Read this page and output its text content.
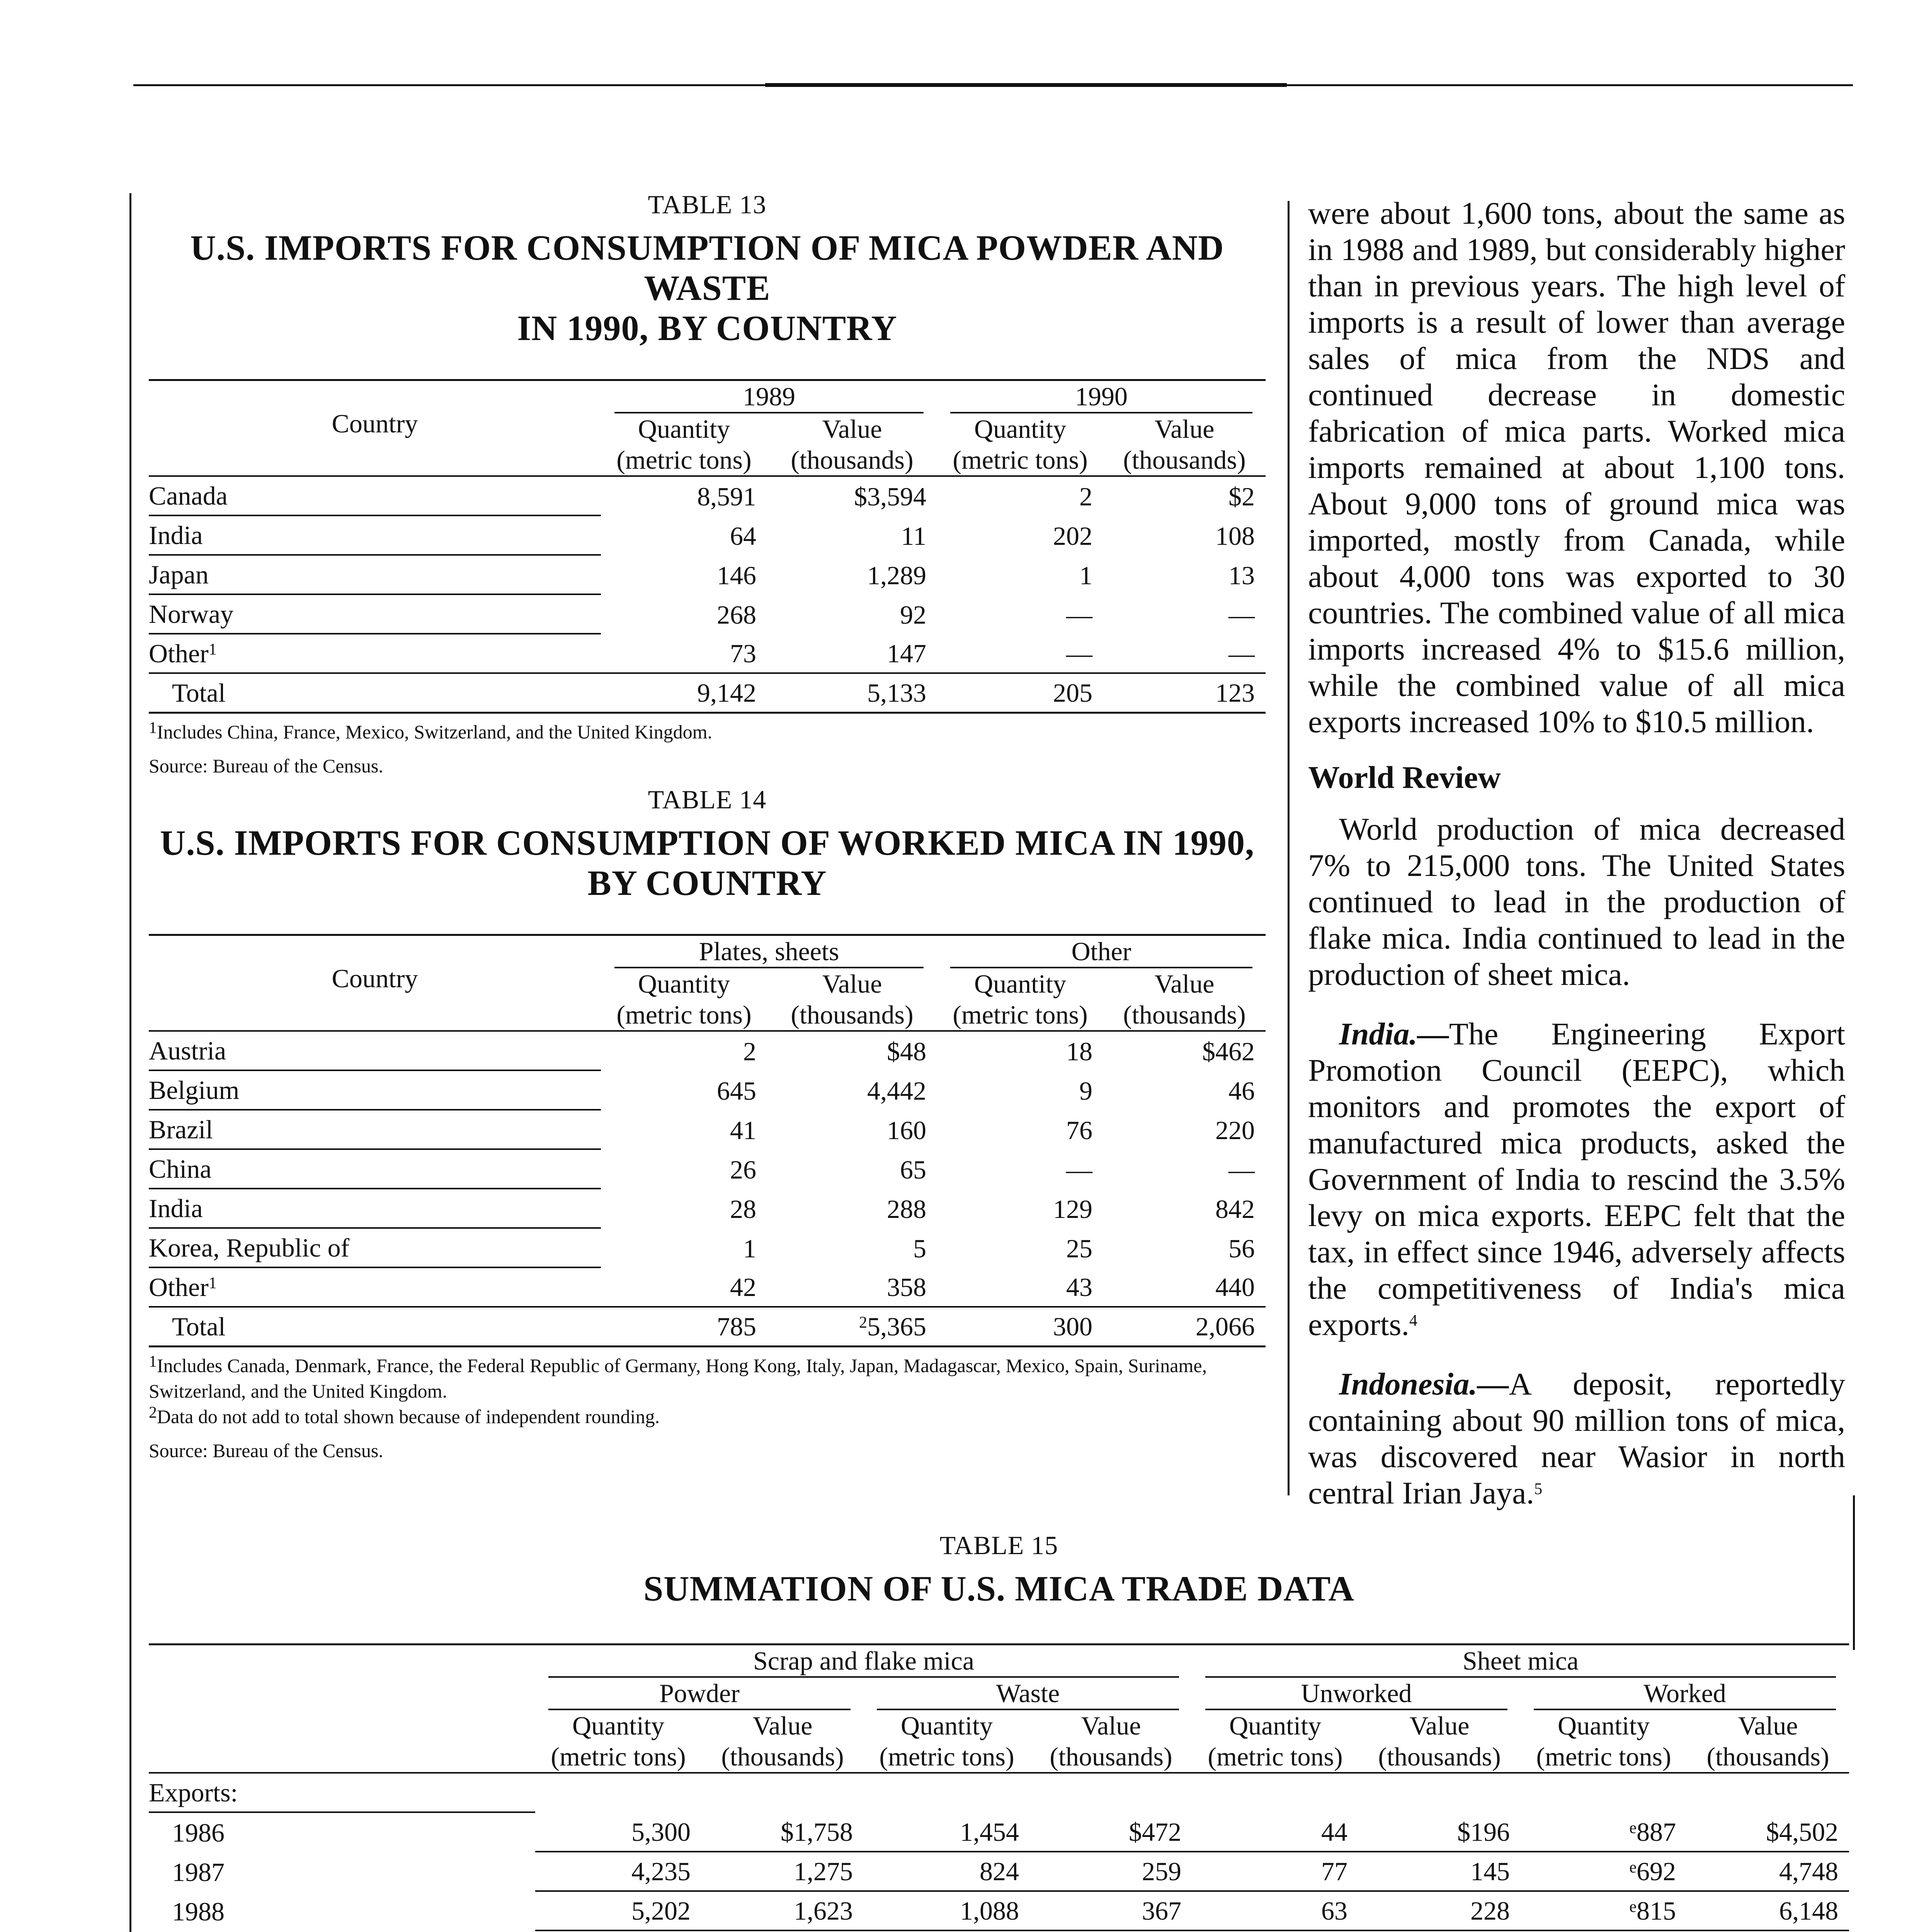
TABLE 13
U.S. IMPORTS FOR CONSUMPTION OF MICA POWDER AND WASTE
IN 1990, BY COUNTRY
Country	1989		1990	
	Quantity	Value	Quantity	Value
	(metric tons)	(thousands)	(metric tons)	(thousands)

Canada	8,591	$3,594	2	$2
India	64	11	202	108
Japan	146	1,289	1	13
Norway	268	92	—	—
Other$^1$	73	147	—	—
Total	9,142	5,133	205	123

$^1$Includes China, France, Mexico, Switzerland, and the United Kingdom.

Source: Bureau of the Census.

TABLE 14
U.S. IMPORTS FOR CONSUMPTION OF WORKED MICA IN 1990,
BY COUNTRY
Country	Plates, sheets		Other	
	Quantity	Value	Quantity	Value
	(metric tons)	(thousands)	(metric tons)	(thousands)

Austria	2	$48	18	$462
Belgium	645	4,442	9	46
Brazil	41	160	76	220
China	26	65	—	—
India	28	288	129	842
Korea, Republic of	1	5	25	56
Other$^1$	42	358	43	440
Total	785	$^2$5,365	300	2,066

$^1$Includes Canada, Denmark, France, the Federal Republic of Germany, Hong Kong, Italy, Japan, Madagascar, Mexico, Spain, Suriname,

Switzerland, and the United Kingdom.

$^2$Data do not add to total shown because of independent rounding.

Source: Bureau of the Census.

were about 1,600 tons, about the same as in 1988 and 1989, but considerably higher than in previous years. The high level of imports is a result of lower than average sales of mica from the NDS and continued decrease in domestic fabrication of mica parts. Worked mica imports remained at about 1,100 tons. About 9,000 tons of ground mica was imported, mostly from Canada, while about 4,000 tons was exported to 30 countries. The combined value of all mica imports increased 4% to $15.6 million, while the combined value of all mica exports increased 10% to $10.5 million.

World Review

World production of mica decreased 7% to 215,000 tons. The United States continued to lead in the production of flake mica. India continued to lead in the production of sheet mica.

India.—The Engineering Export Promotion Council (EEPC), which monitors and promotes the export of manufactured mica products, asked the Government of India to rescind the 3.5% levy on mica exports. EEPC felt that the tax, in effect since 1946, adversely affects the competitiveness of India's mica exports.$^4$

Indonesia.—A deposit, reportedly containing about 90 million tons of mica, was discovered near Wasior in north central Irian Jaya.$^5$

TABLE 15
SUMMATION OF U.S. MICA TRADE DATA
	Scrap and flake mica				Sheet mica			
	Powder		Waste		Unworked		Worked	
	Quantity	Value	Quantity	Value	Quantity	Value	Quantity	Value
	(metric tons)	(thousands)	(metric tons)	(thousands)	(metric tons)	(thousands)	(metric tons)	(thousands)

Exports:								
1986	5,300	$1,758	1,454	$472	44	$196	$^e$887	$4,502
1987	4,235	1,275	824	259	77	145	$^e$692	4,748
1988	5,202	1,623	1,088	367	63	228	$^e$815	6,148
